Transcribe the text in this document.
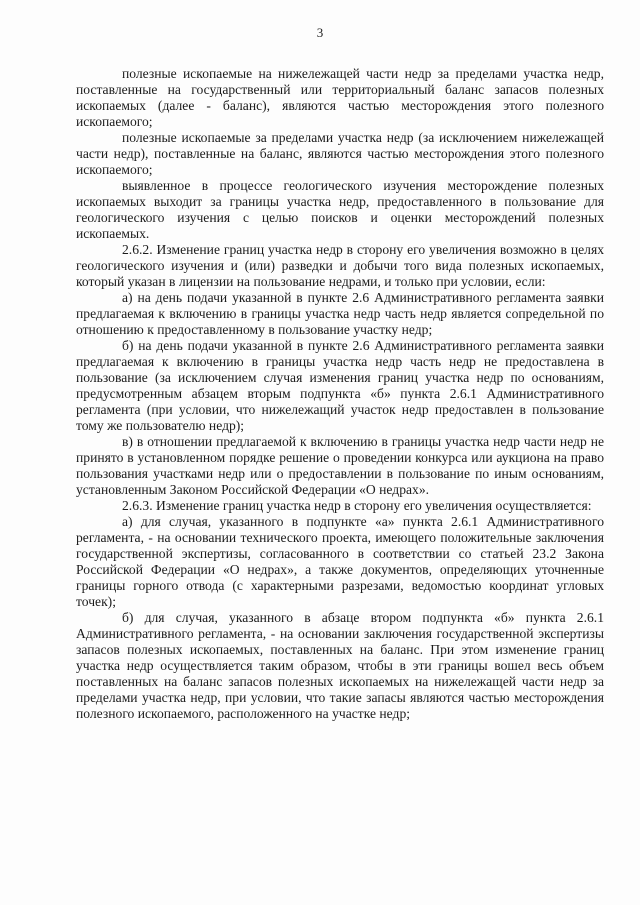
3

полезные ископаемые на нижележащей части недр за пределами участка недр, поставленные на государственный или территориальный баланс запасов полезных ископаемых (далее - баланс), являются частью месторождения этого полезного ископаемого;

полезные ископаемые за пределами участка недр (за исключением нижележащей части недр), поставленные на баланс, являются частью месторождения этого полезного ископаемого;

выявленное в процессе геологического изучения месторождение полезных ископаемых выходит за границы участка недр, предоставленного в пользование для геологического изучения с целью поисков и оценки месторождений полезных ископаемых.

2.6.2. Изменение границ участка недр в сторону его увеличения возможно в целях геологического изучения и (или) разведки и добычи того вида полезных ископаемых, который указан в лицензии на пользование недрами, и только при условии, если:

а) на день подачи указанной в пункте 2.6 Административного регламента заявки предлагаемая к включению в границы участка недр часть недр является сопредельной по отношению к предоставленному в пользование участку недр;

б) на день подачи указанной в пункте 2.6 Административного регламента заявки предлагаемая к включению в границы участка недр часть недр не предоставлена в пользование (за исключением случая изменения границ участка недр по основаниям, предусмотренным абзацем вторым подпункта «б» пункта 2.6.1 Административного регламента (при условии, что нижележащий участок недр предоставлен в пользование тому же пользователю недр);

в) в отношении предлагаемой к включению в границы участка недр части недр не принято в установленном порядке решение о проведении конкурса или аукциона на право пользования участками недр или о предоставлении в пользование по иным основаниям, установленным Законом Российской Федерации «О недрах».

2.6.3. Изменение границ участка недр в сторону его увеличения осуществляется:

а) для случая, указанного в подпункте «а» пункта 2.6.1 Административного регламента, - на основании технического проекта, имеющего положительные заключения государственной экспертизы, согласованного в соответствии со статьей 23.2 Закона Российской Федерации «О недрах», а также документов, определяющих уточненные границы горного отвода (с характерными разрезами, ведомостью координат угловых точек);

б) для случая, указанного в абзаце втором подпункта «б» пункта 2.6.1 Административного регламента, - на основании заключения государственной экспертизы запасов полезных ископаемых, поставленных на баланс. При этом изменение границ участка недр осуществляется таким образом, чтобы в эти границы вошел весь объем поставленных на баланс запасов полезных ископаемых на нижележащей части недр за пределами участка недр, при условии, что такие запасы являются частью месторождения полезного ископаемого, расположенного на участке недр;
